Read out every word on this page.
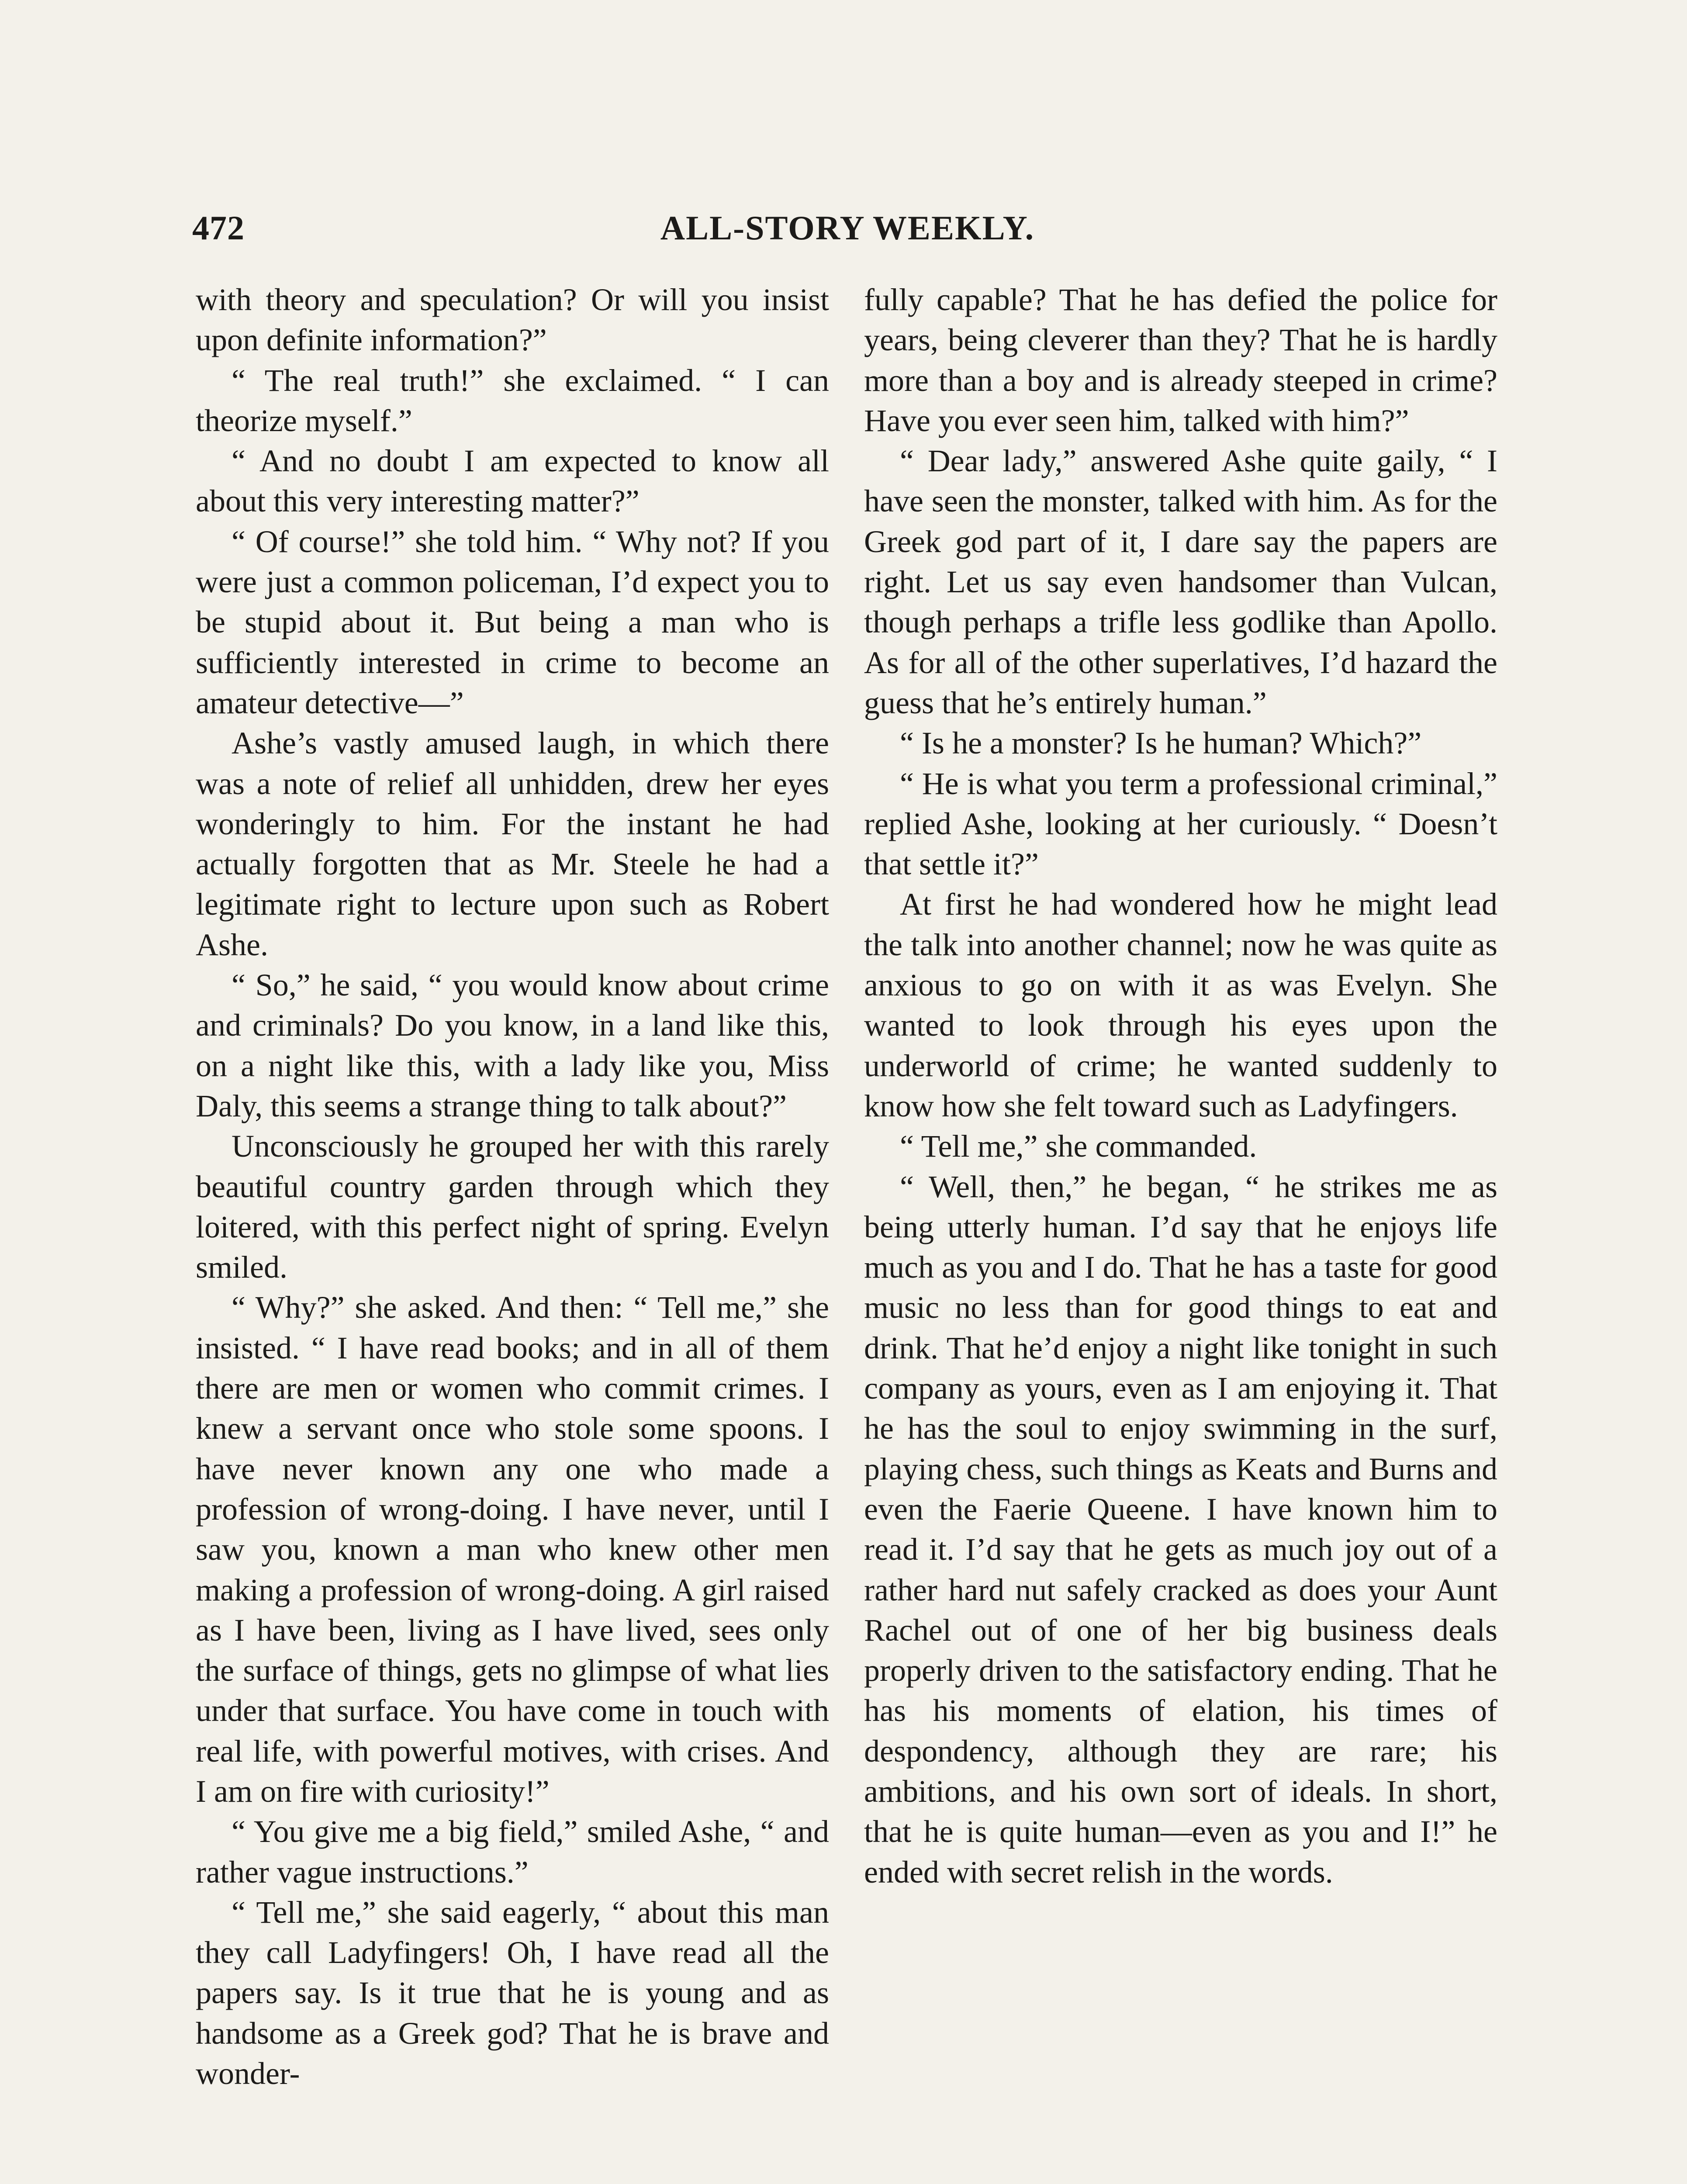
472	ALL-STORY WEEKLY.

with theory and speculation? Or will you insist upon definite information?”

“ The real truth!” she exclaimed. “ I can theorize myself.”

“ And no doubt I am expected to know all about this very interesting matter?”

“ Of course!” she told him. “ Why not? If you were just a common policeman, I’d expect you to be stupid about it. But being a man who is sufficiently interested in crime to become an amateur detective—”

Ashe’s vastly amused laugh, in which there was a note of relief all unhidden, drew her eyes wonderingly to him. For the instant he had actually forgotten that as Mr. Steele he had a legitimate right to lecture upon such as Robert Ashe.

“ So,” he said, “ you would know about crime and criminals? Do you know, in a land like this, on a night like this, with a lady like you, Miss Daly, this seems a strange thing to talk about?”

Unconsciously he grouped her with this rarely beautiful country garden through which they loitered, with this perfect night of spring. Evelyn smiled.

“ Why?” she asked. And then: “ Tell me,” she insisted. “ I have read books; and in all of them there are men or women who commit crimes. I knew a servant once who stole some spoons. I have never known any one who made a profession of wrong-doing. I have never, until I saw you, known a man who knew other men making a profession of wrong-doing. A girl raised as I have been, living as I have lived, sees only the surface of things, gets no glimpse of what lies under that surface. You have come in touch with real life, with powerful motives, with crises. And I am on fire with curiosity!”

“ You give me a big field,” smiled Ashe, “ and rather vague instructions.”

“ Tell me,” she said eagerly, “ about this man they call Ladyfingers! Oh, I have read all the papers say. Is it true that he is young and as handsome as a Greek god? That he is brave and wonder-

fully capable? That he has defied the police for years, being cleverer than they? That he is hardly more than a boy and is already steeped in crime? Have you ever seen him, talked with him?”

“ Dear lady,” answered Ashe quite gaily, “ I have seen the monster, talked with him. As for the Greek god part of it, I dare say the papers are right. Let us say even handsomer than Vulcan, though perhaps a trifle less godlike than Apollo. As for all of the other superlatives, I’d hazard the guess that he’s entirely human.”

“ Is he a monster? Is he human? Which?”

“ He is what you term a professional criminal,” replied Ashe, looking at her curiously. “ Doesn’t that settle it?”

At first he had wondered how he might lead the talk into another channel; now he was quite as anxious to go on with it as was Evelyn. She wanted to look through his eyes upon the underworld of crime; he wanted suddenly to know how she felt toward such as Ladyfingers.

“ Tell me,” she commanded.

“ Well, then,” he began, “ he strikes me as being utterly human. I’d say that he enjoys life much as you and I do. That he has a taste for good music no less than for good things to eat and drink. That he’d enjoy a night like tonight in such company as yours, even as I am enjoying it. That he has the soul to enjoy swimming in the surf, playing chess, such things as Keats and Burns and even the Faerie Queene. I have known him to read it. I’d say that he gets as much joy out of a rather hard nut safely cracked as does your Aunt Rachel out of one of her big business deals properly driven to the satisfactory ending. That he has his moments of elation, his times of despondency, although they are rare; his ambitions, and his own sort of ideals. In short, that he is quite human—even as you and I!” he ended with secret relish in the words.
